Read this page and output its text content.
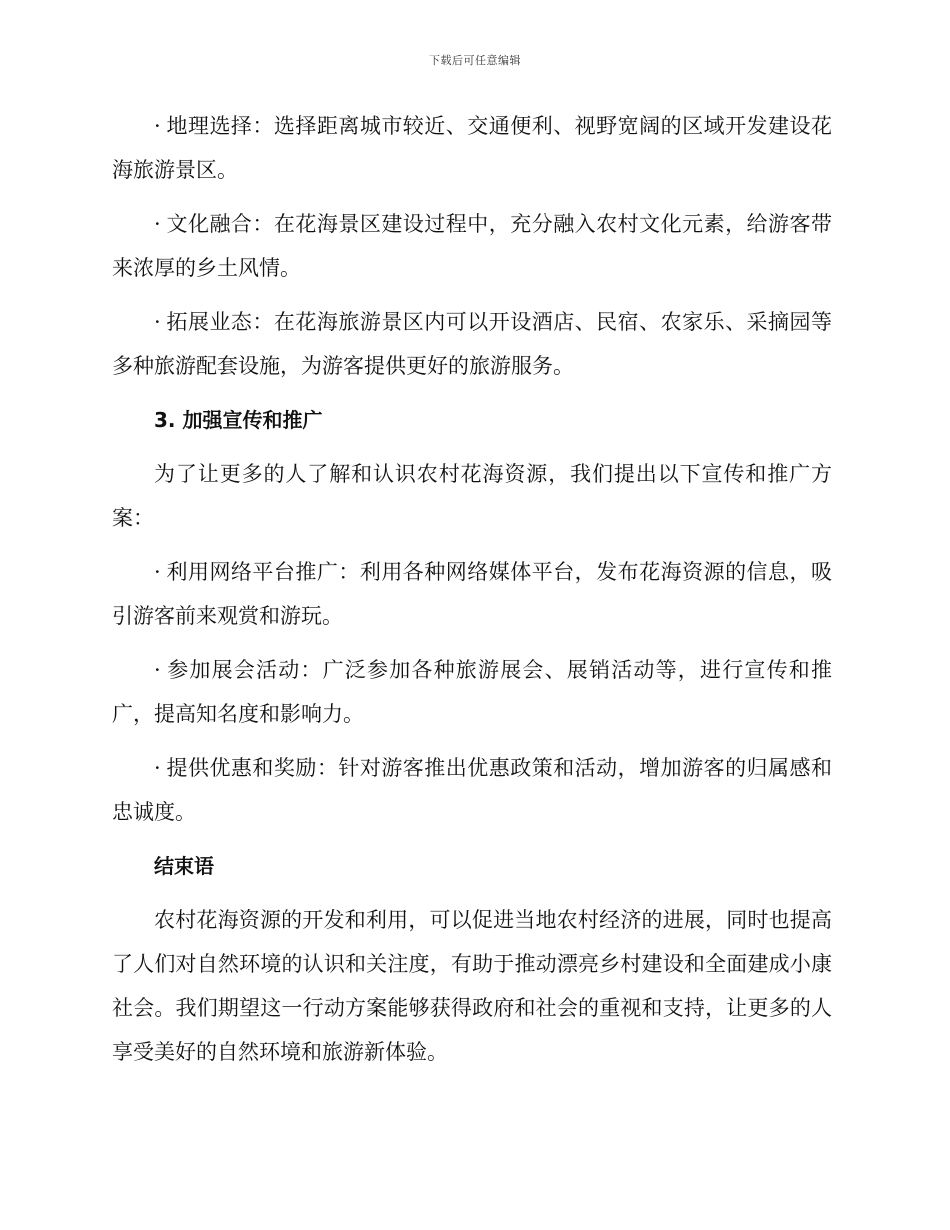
下载后可任意编辑

· 地理选择：选择距离城市较近、交通便利、视野宽阔的区域开发建设花海旅游景区。

· 文化融合：在花海景区建设过程中，充分融入农村文化元素，给游客带来浓厚的乡土风情。

· 拓展业态：在花海旅游景区内可以开设酒店、民宿、农家乐、采摘园等多种旅游配套设施，为游客提供更好的旅游服务。

3. 加强宣传和推广

为了让更多的人了解和认识农村花海资源，我们提出以下宣传和推广方案：

· 利用网络平台推广：利用各种网络媒体平台，发布花海资源的信息，吸引游客前来观赏和游玩。

· 参加展会活动：广泛参加各种旅游展会、展销活动等，进行宣传和推广，提高知名度和影响力。

· 提供优惠和奖励：针对游客推出优惠政策和活动，增加游客的归属感和忠诚度。

结束语

农村花海资源的开发和利用，可以促进当地农村经济的进展，同时也提高了人们对自然环境的认识和关注度，有助于推动漂亮乡村建设和全面建成小康社会。我们期望这一行动方案能够获得政府和社会的重视和支持，让更多的人享受美好的自然环境和旅游新体验。
